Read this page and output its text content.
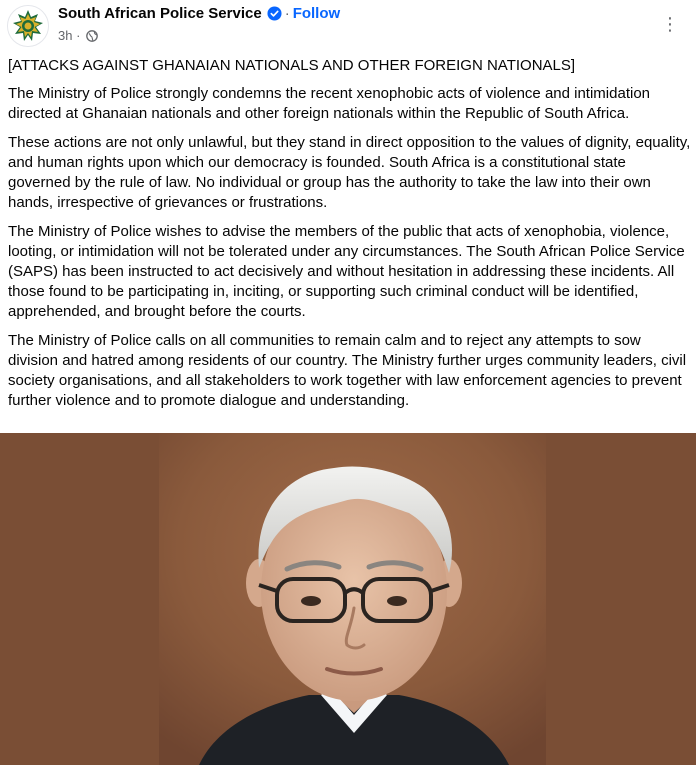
South African Police Service · Follow
3h ·
⋮

[ATTACKS AGAINST GHANAIAN NATIONALS AND OTHER FOREIGN NATIONALS]

The Ministry of Police strongly condemns the recent xenophobic acts of violence and intimidation directed at Ghanaian nationals and other foreign nationals within the Republic of South Africa.

These actions are not only unlawful, but they stand in direct opposition to the values of dignity, equality, and human rights upon which our democracy is founded. South Africa is a constitutional state governed by the rule of law. No individual or group has the authority to take the law into their own hands, irrespective of grievances or frustrations.

The Ministry of Police wishes to advise the members of the public that acts of xenophobia, violence, looting, or intimidation will not be tolerated under any circumstances. The South African Police Service (SAPS) has been instructed to act decisively and without hesitation in addressing these incidents. All those found to be participating in, inciting, or supporting such criminal conduct will be identified, apprehended, and brought before the courts.

The Ministry of Police calls on all communities to remain calm and to reject any attempts to sow division and hatred among residents of our country. The Ministry further urges community leaders, civil society organisations, and all stakeholders to work together with law enforcement agencies to prevent further violence and to promote dialogue and understanding.
